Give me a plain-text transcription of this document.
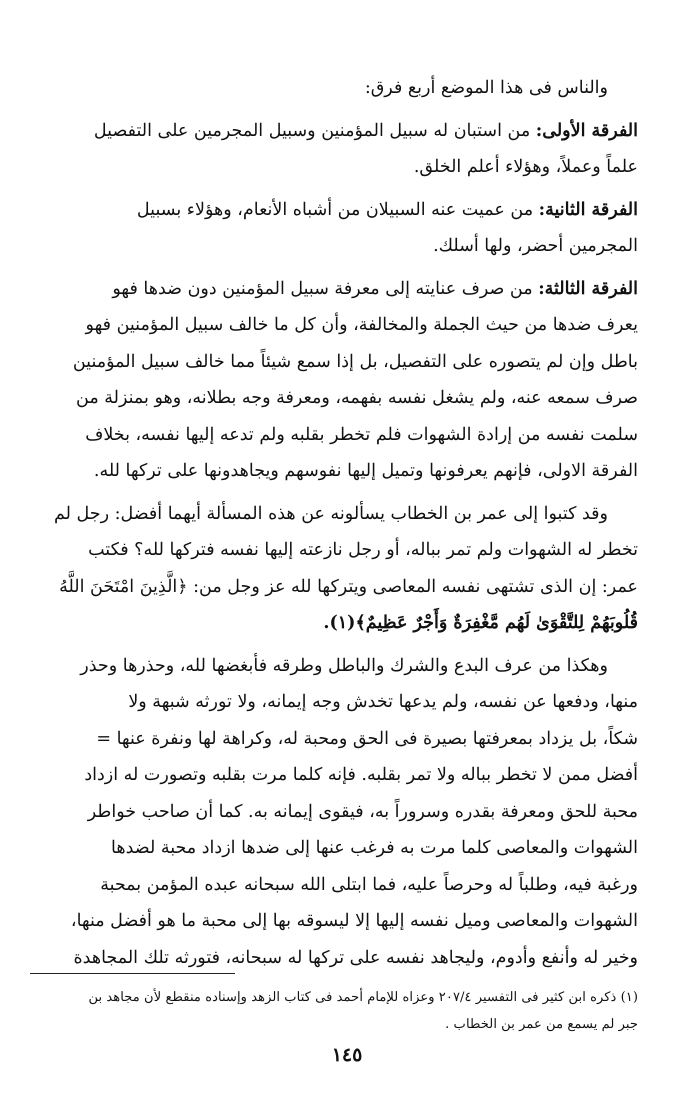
والناس فى هذا الموضع أربع فرق:

الفرقة الأولى: من استبان له سبيل المؤمنين وسبيل المجرمين على التفصيل

علماً وعملاً، وهؤلاء أعلم الخلق.

الفرقة الثانية: من عميت عنه السبيلان من أشباه الأنعام، وهؤلاء بسبيل

المجرمين أحضر، ولها أسلك.

الفرقة الثالثة: من صرف عنايته إلى معرفة سبيل المؤمنين دون ضدها فهو

يعرف ضدها من حيث الجملة والمخالفة، وأن كل ما خالف سبيل المؤمنين فهو

باطل وإن لم يتصوره على التفصيل، بل إذا سمع شيئاً مما خالف سبيل المؤمنين

صرف سمعه عنه، ولم يشغل نفسه بفهمه، ومعرفة وجه بطلانه، وهو بمنزلة من

سلمت نفسه من إرادة الشهوات فلم تخطر بقلبه ولم تدعه إليها نفسه، بخلاف

الفرقة الاولى، فإنهم يعرفونها وتميل إليها نفوسهم ويجاهدونها على تركها لله.

وقد كتبوا إلى عمر بن الخطاب يسألونه عن هذه المسألة أيهما أفضل: رجل لم

تخطر له الشهوات ولم تمر بباله، أو رجل نازعته إليها نفسه فتركها لله؟ فكتب

عمر: إن الذى تشتهى نفسه المعاصى ويتركها لله عز وجل من: ﴿الَّذِينَ امْتَحَنَ اللَّهُ

قُلُوبَهُمْ لِلتَّقْوَىٰ لَهُم مَّغْفِرَةٌ وَأَجْرٌ عَظِيمٌ﴾(١).

وهكذا من عرف البدع والشرك والباطل وطرقه فأبغضها لله، وحذرها وحذر

منها، ودفعها عن نفسه، ولم يدعها تخدش وجه إيمانه، ولا تورثه شبهة ولا

شكاً، بل يزداد بمعرفتها بصيرة فى الحق ومحبة له، وكراهة لها ونفرة عنها =

أفضل ممن لا تخطر بباله ولا تمر بقلبه. فإنه كلما مرت بقلبه وتصورت له ازداد

محبة للحق ومعرفة بقدره وسروراً به، فيقوى إيمانه به. كما أن صاحب خواطر

الشهوات والمعاصى كلما مرت به فرغب عنها إلى ضدها ازداد محبة لضدها

ورغبة فيه، وطلباً له وحرصاً عليه، فما ابتلى الله سبحانه عبده المؤمن بمحبة

الشهوات والمعاصى وميل نفسه إليها إلا ليسوقه بها إلى محبة ما هو أفضل منها،

وخير له وأنفع وأدوم، وليجاهد نفسه على تركها له سبحانه، فتورثه تلك المجاهدة

(١) ذكره ابن كثير فى التفسير ٢٠٧/٤ وعزاه للإمام أحمد فى كتاب الزهد وإسناده منقطع لأن مجاهد بن
جبر لم يسمع من عمر بن الخطاب .
١٤٥
